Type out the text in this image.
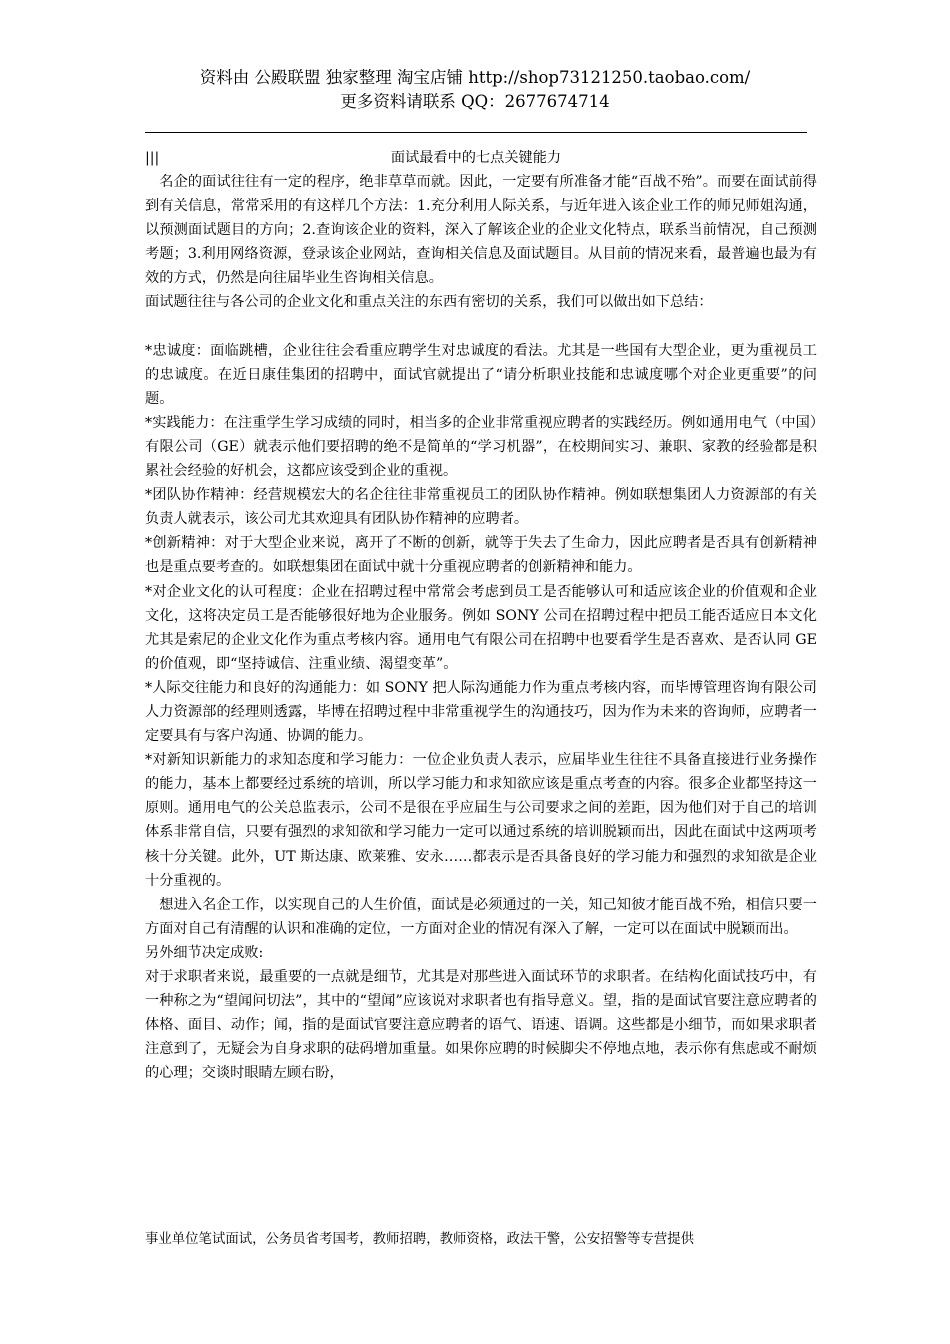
资料由 公殿联盟 独家整理 淘宝店铺 http://shop73121250.taobao.com/
更多资料请联系 QQ：2677674714
|||	面试最看中的七点关键能力

　名企的面试往往有一定的程序，绝非草草而就。因此，一定要有所准备才能“百战不殆”。而要在面试前得到有关信息，常常采用的有这样几个方法：1.充分利用人际关系，与近年进入该企业工作的师兄师姐沟通，以预测面试题目的方向；2.查询该企业的资料，深入了解该企业的企业文化特点，联系当前情况，自己预测考题；3.利用网络资源，登录该企业网站，查询相关信息及面试题目。从目前的情况来看，最普遍也最为有效的方式，仍然是向往届毕业生咨询相关信息。

面试题往往与各公司的企业文化和重点关注的东西有密切的关系，我们可以做出如下总结：

*忠诚度：面临跳槽，企业往往会看重应聘学生对忠诚度的看法。尤其是一些国有大型企业，更为重视员工的忠诚度。在近日康佳集团的招聘中，面试官就提出了“请分析职业技能和忠诚度哪个对企业更重要”的问题。

*实践能力：在注重学生学习成绩的同时，相当多的企业非常重视应聘者的实践经历。例如通用电气（中国）有限公司（GE）就表示他们要招聘的绝不是简单的“学习机器”，在校期间实习、兼职、家教的经验都是积累社会经验的好机会，这都应该受到企业的重视。

*团队协作精神：经营规模宏大的名企往往非常重视员工的团队协作精神。例如联想集团人力资源部的有关负责人就表示，该公司尤其欢迎具有团队协作精神的应聘者。

*创新精神：对于大型企业来说，离开了不断的创新，就等于失去了生命力，因此应聘者是否具有创新精神也是重点要考查的。如联想集团在面试中就十分重视应聘者的创新精神和能力。

*对企业文化的认可程度：企业在招聘过程中常常会考虑到员工是否能够认可和适应该企业的价值观和企业文化，这将决定员工是否能够很好地为企业服务。例如 SONY 公司在招聘过程中把员工能否适应日本文化尤其是索尼的企业文化作为重点考核内容。通用电气有限公司在招聘中也要看学生是否喜欢、是否认同 GE 的价值观，即“坚持诚信、注重业绩、渴望变革”。

*人际交往能力和良好的沟通能力：如 SONY 把人际沟通能力作为重点考核内容，而毕博管理咨询有限公司人力资源部的经理则透露，毕博在招聘过程中非常重视学生的沟通技巧，因为作为未来的咨询师，应聘者一定要具有与客户沟通、协调的能力。

*对新知识新能力的求知态度和学习能力：一位企业负责人表示，应届毕业生往往不具备直接进行业务操作的能力，基本上都要经过系统的培训，所以学习能力和求知欲应该是重点考查的内容。很多企业都坚持这一原则。通用电气的公关总监表示，公司不是很在乎应届生与公司要求之间的差距，因为他们对于自己的培训体系非常自信，只要有强烈的求知欲和学习能力一定可以通过系统的培训脱颖而出，因此在面试中这两项考核十分关键。此外，UT 斯达康、欧莱雅、安永……都表示是否具备良好的学习能力和强烈的求知欲是企业十分重视的。

　想进入名企工作，以实现自己的人生价值，面试是必须通过的一关，知己知彼才能百战不殆，相信只要一方面对自己有清醒的认识和准确的定位，一方面对企业的情况有深入了解，一定可以在面试中脱颖而出。

另外细节决定成败:

对于求职者来说，最重要的一点就是细节，尤其是对那些进入面试环节的求职者。在结构化面试技巧中，有一种称之为“望闻问切法”，其中的“望闻”应该说对求职者也有指导意义。望，指的是面试官要注意应聘者的体格、面目、动作；闻，指的是面试官要注意应聘者的语气、语速、语调。这些都是小细节，而如果求职者注意到了，无疑会为自身求职的砝码增加重量。如果你应聘的时候脚尖不停地点地，表示你有焦虑或不耐烦的心理；交谈时眼睛左顾右盼，

事业单位笔试面试，公务员省考国考，教师招聘，教师资格，政法干警，公安招警等专营提供
